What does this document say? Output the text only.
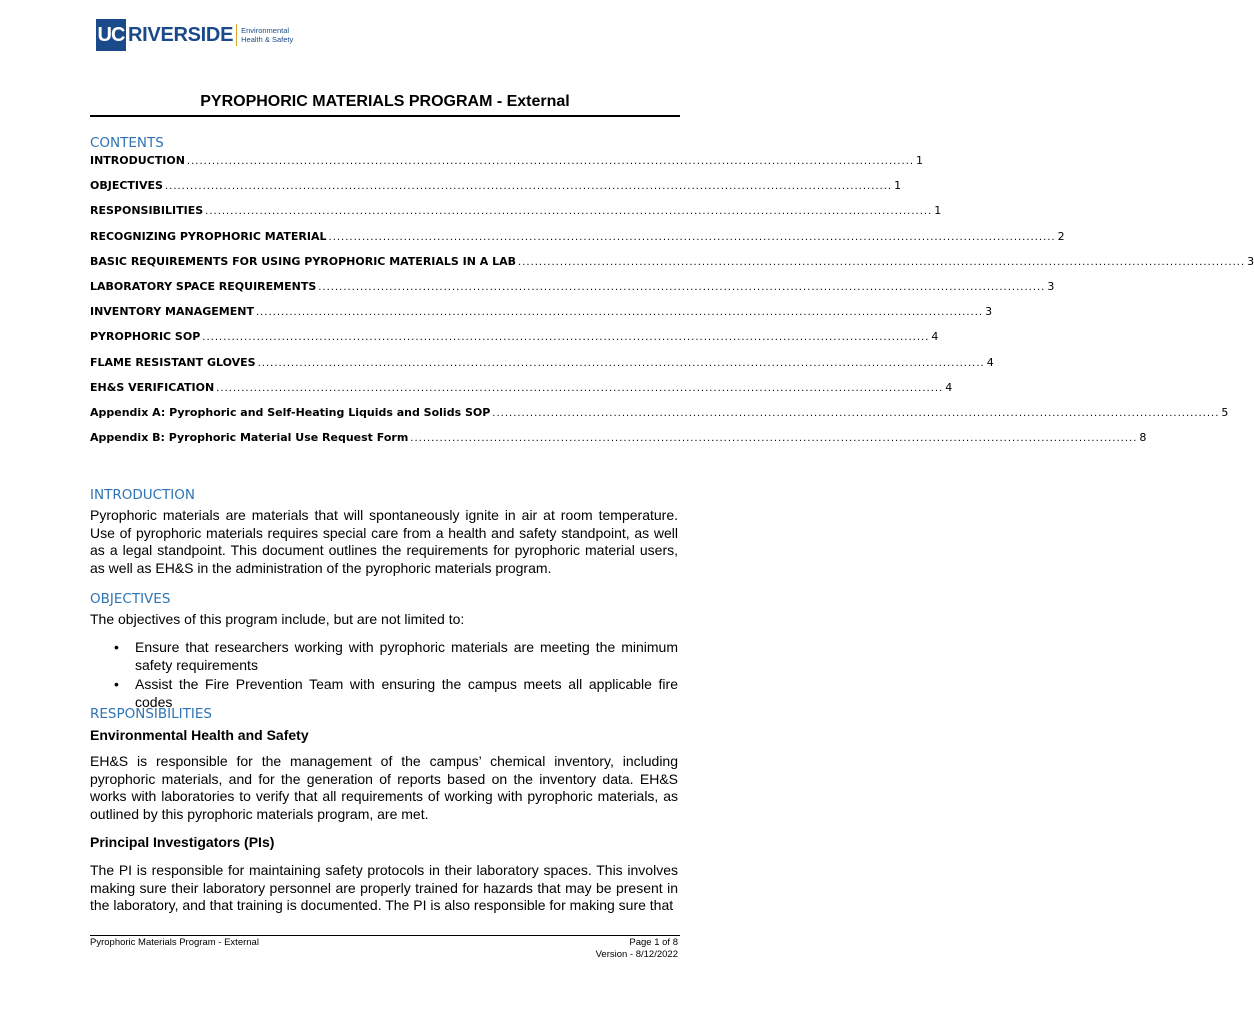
UC RIVERSIDE Environmental
Health & Safety
PYROPHORIC MATERIALS PROGRAM - External
CONTENTS
INTRODUCTION .............................................................................................................................................................................. 1
OBJECTIVES .............................................................................................................................................................................. 1
RESPONSIBILITIES .............................................................................................................................................................................. 1
RECOGNIZING PYROPHORIC MATERIAL .............................................................................................................................................................................. 2
BASIC REQUIREMENTS FOR USING PYROPHORIC MATERIALS IN A LAB .............................................................................................................................................................................. 3
LABORATORY SPACE REQUIREMENTS .............................................................................................................................................................................. 3
INVENTORY MANAGEMENT .............................................................................................................................................................................. 3
PYROPHORIC SOP .............................................................................................................................................................................. 4
FLAME RESISTANT GLOVES .............................................................................................................................................................................. 4
EH&S VERIFICATION .............................................................................................................................................................................. 4
Appendix A: Pyrophoric and Self-Heating Liquids and Solids SOP .............................................................................................................................................................................. 5
Appendix B: Pyrophoric Material Use Request Form .............................................................................................................................................................................. 8
INTRODUCTION
Pyrophoric materials are materials that will spontaneously ignite in air at room temperature. Use of pyrophoric materials requires special care from a health and safety standpoint, as well as a legal standpoint. This document outlines the requirements for pyrophoric material users, as well as EH&S in the administration of the pyrophoric materials program.
OBJECTIVES
The objectives of this program include, but are not limited to:
•	Ensure that researchers working with pyrophoric materials are meeting the minimum safety requirements
•	Assist the Fire Prevention Team with ensuring the campus meets all applicable fire codes
RESPONSIBILITIES
Environmental Health and Safety
EH&S is responsible for the management of the campus’ chemical inventory, including pyrophoric materials, and for the generation of reports based on the inventory data. EH&S works with laboratories to verify that all requirements of working with pyrophoric materials, as outlined by this pyrophoric materials program, are met.
Principal Investigators (PIs)
The PI is responsible for maintaining safety protocols in their laboratory spaces. This involves making sure their laboratory personnel are properly trained for hazards that may be present in the laboratory, and that training is documented. The PI is also responsible for making sure that
Pyrophoric Materials Program - External	Page 1 of 8
Version - 8/12/2022
